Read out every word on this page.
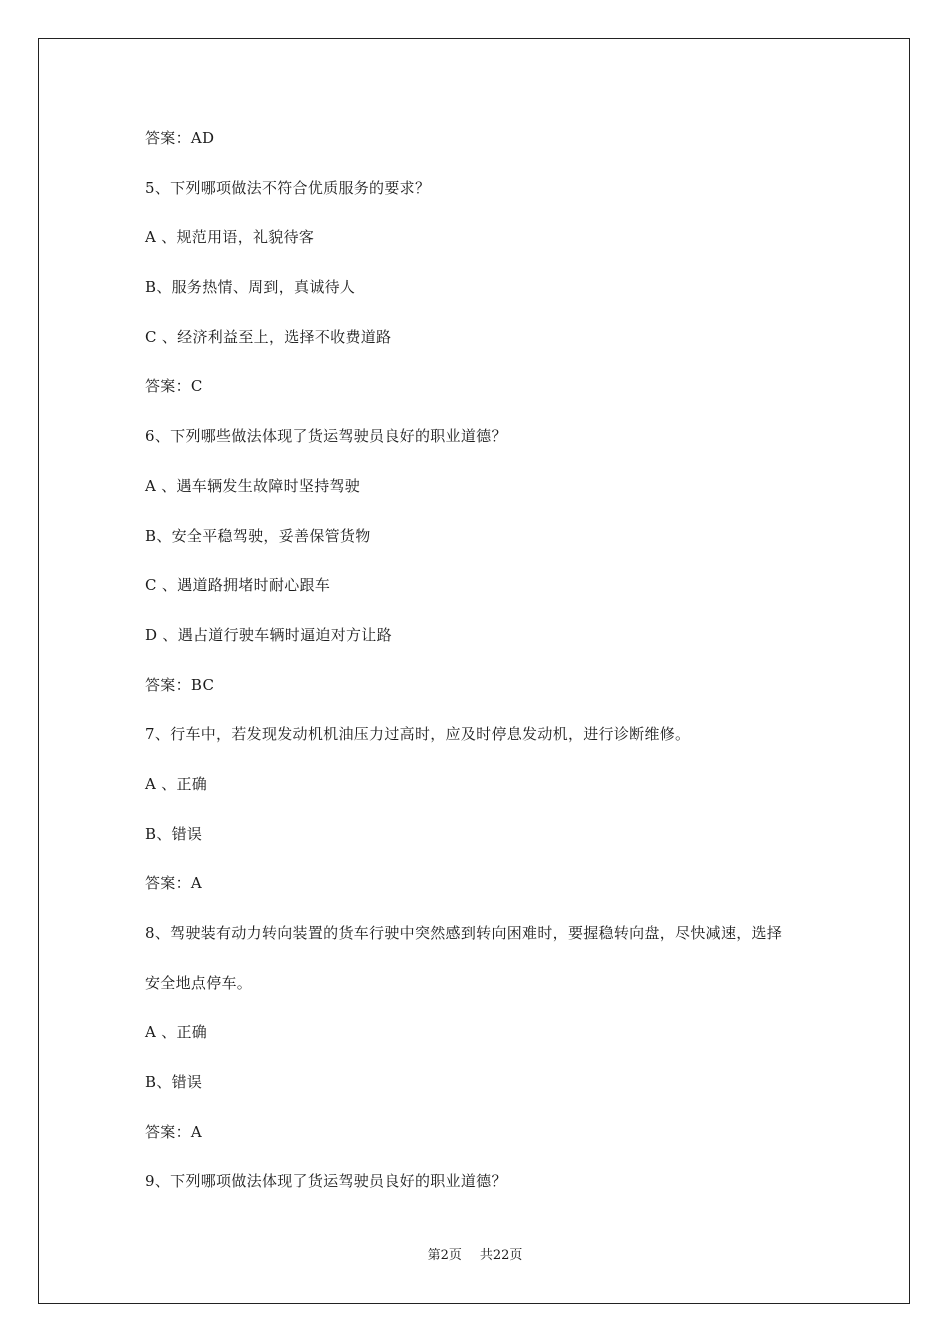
答案：AD
5、下列哪项做法不符合优质服务的要求？
A 、规范用语，礼貌待客
B、服务热情、周到，真诚待人
C 、经济利益至上，选择不收费道路
答案：C
6、下列哪些做法体现了货运驾驶员良好的职业道德？
A 、遇车辆发生故障时坚持驾驶
B、安全平稳驾驶，妥善保管货物
C 、遇道路拥堵时耐心跟车
D 、遇占道行驶车辆时逼迫对方让路
答案：BC
7、行车中，若发现发动机机油压力过高时，应及时停息发动机，进行诊断维修。
A 、正确
B、错误
答案：A
8、驾驶装有动力转向装置的货车行驶中突然感到转向困难时，要握稳转向盘，尽快减速，选择
安全地点停车。
A 、正确
B、错误
答案：A
9、下列哪项做法体现了货运驾驶员良好的职业道德？
第2页 共22页
